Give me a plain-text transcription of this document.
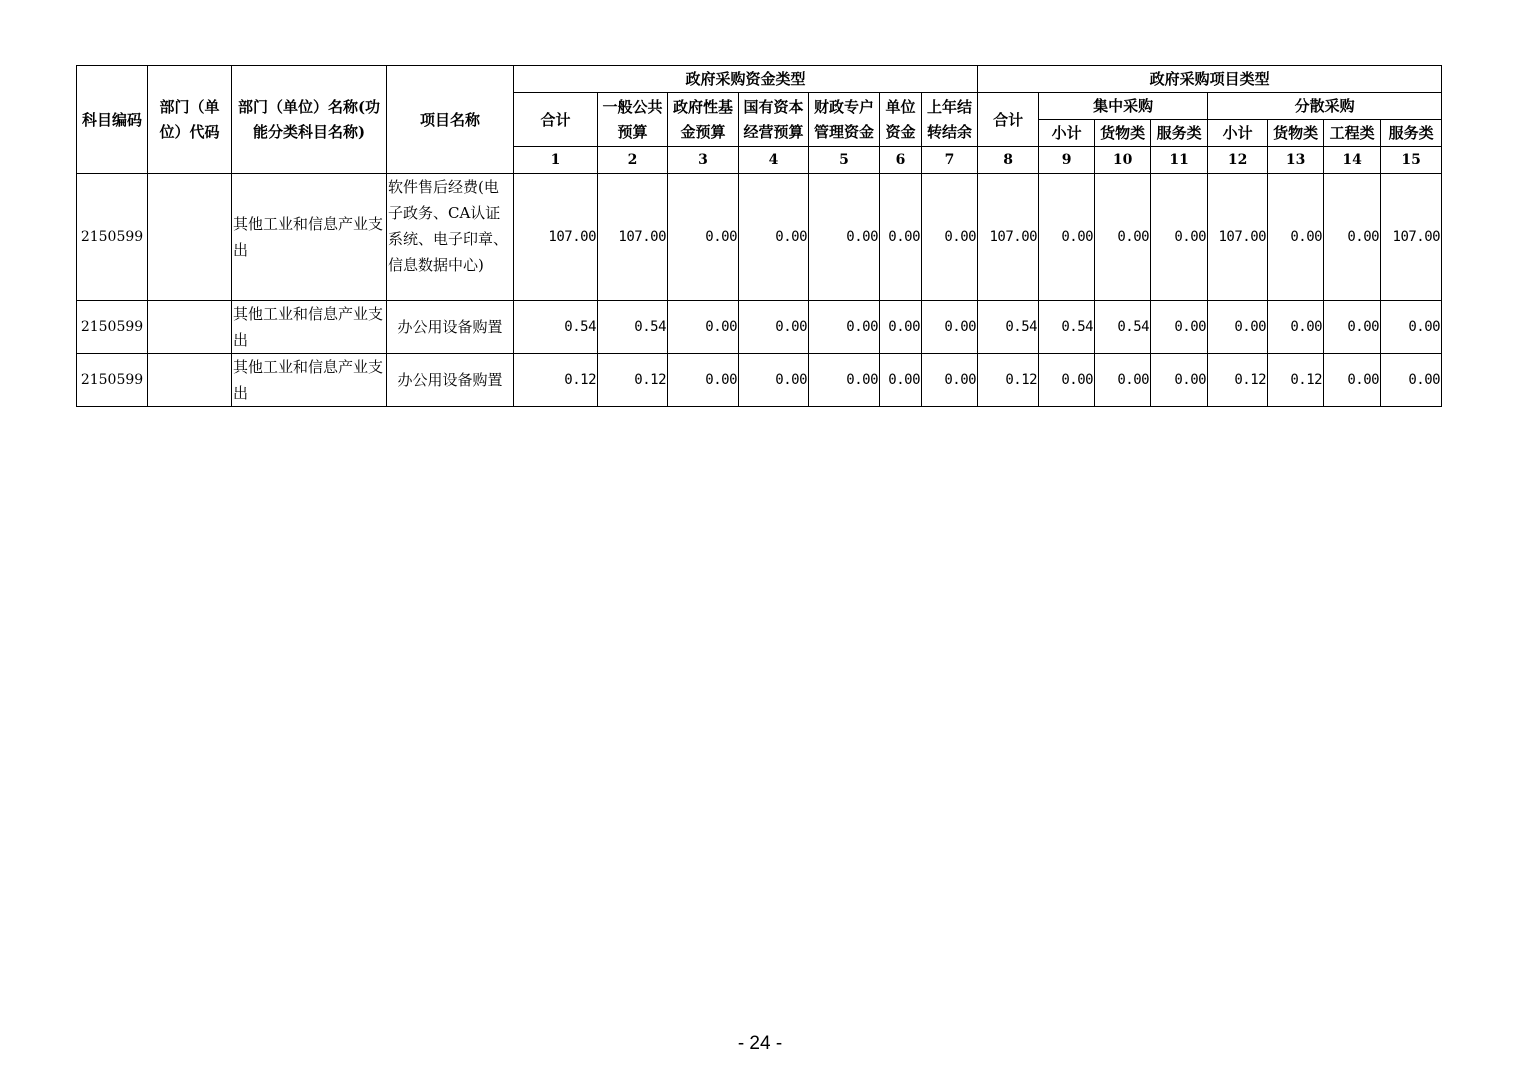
科目编码	部门（单位）代码	部门（单位）名称(功能分类科目名称)	项目名称	政府采购资金类型							政府采购项目类型							
				合计	一般公共预算	政府性基金预算	国有资本经营预算	财政专户管理资金	单位资金	上年结转结余	合计	集中采购			分散采购			
												小计	货物类	服务类	小计	货物类	工程类	服务类
				1	2	3	4	5	6	7	8	9	10	11	12	13	14	15
2150599		其他工业和信息产业支出	软件售后经费(电子政务、CA认证系统、电子印章、信息数据中心)	107.00	107.00	0.00	0.00	0.00	0.00	0.00	107.00	0.00	0.00	0.00	107.00	0.00	0.00	107.00
2150599		其他工业和信息产业支出	办公用设备购置	0.54	0.54	0.00	0.00	0.00	0.00	0.00	0.54	0.54	0.54	0.00	0.00	0.00	0.00	0.00
2150599		其他工业和信息产业支出	办公用设备购置	0.12	0.12	0.00	0.00	0.00	0.00	0.00	0.12	0.00	0.00	0.00	0.12	0.12	0.00	0.00
- 24 -
